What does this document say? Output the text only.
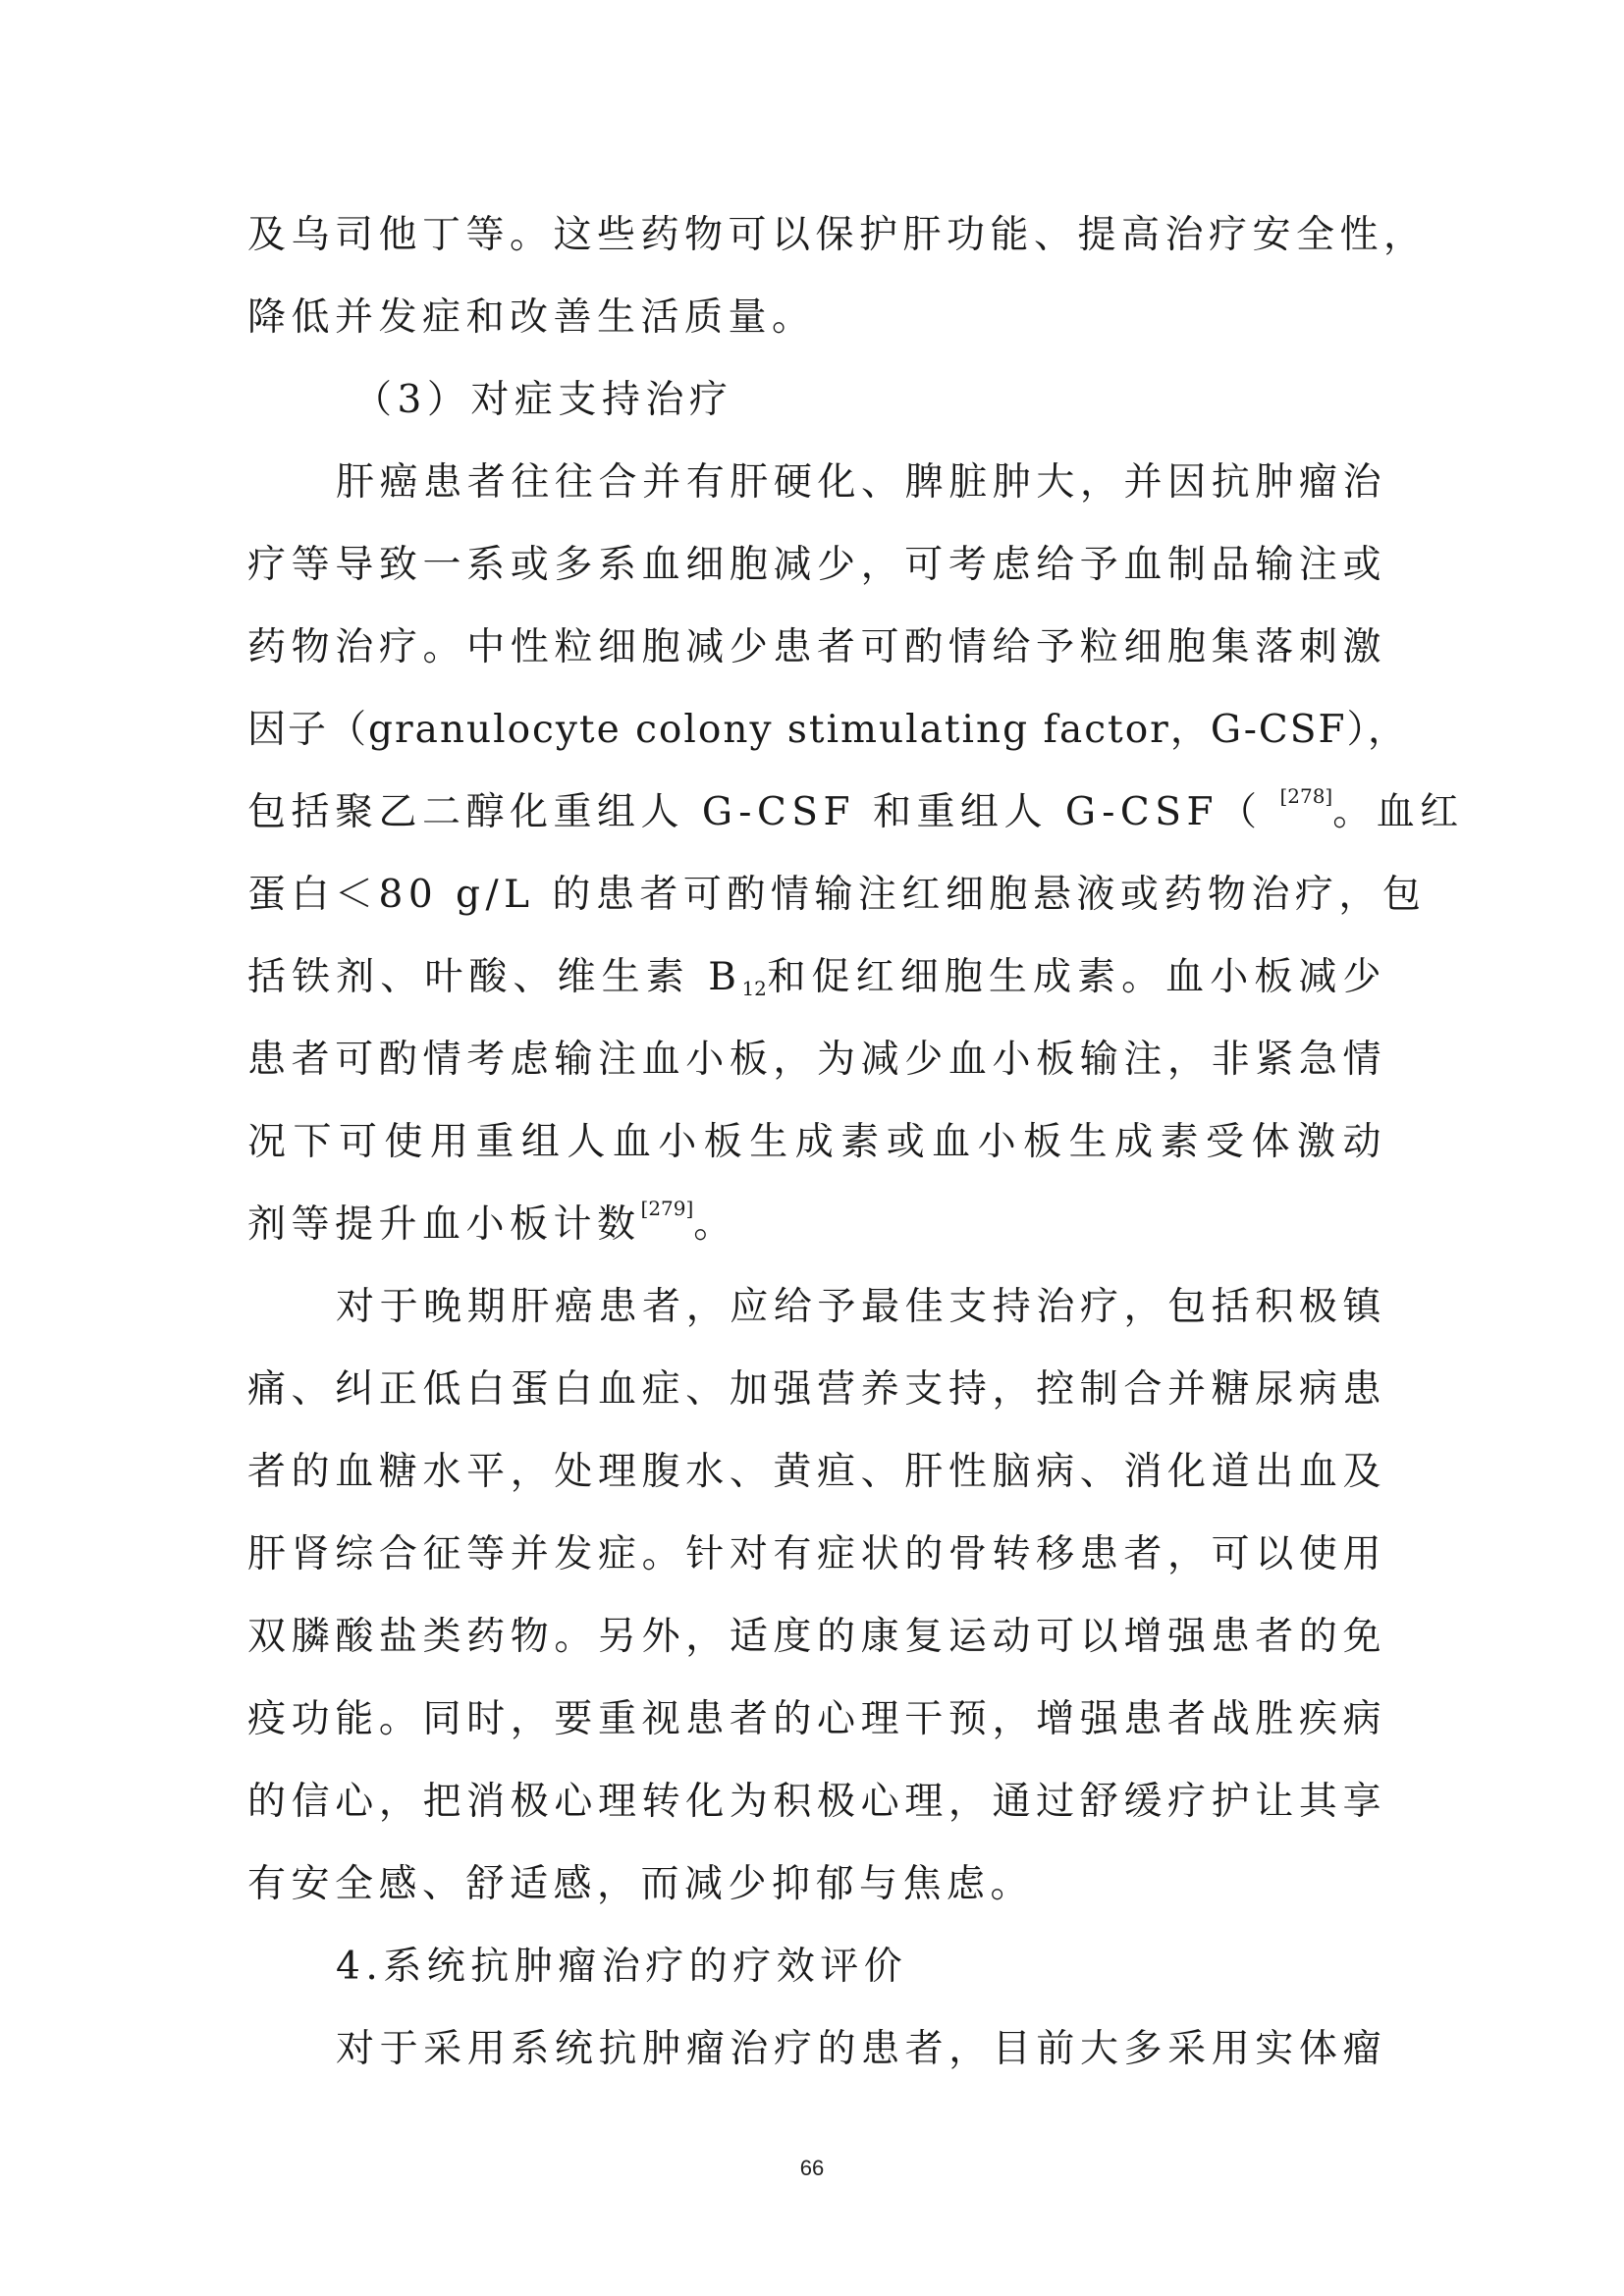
及乌司他丁等。这些药物可以保护肝功能、提高治疗安全性，
降低并发症和改善生活质量。
（3）对症支持治疗
肝癌患者往往合并有肝硬化、脾脏肿大，并因抗肿瘤治
疗等导致一系或多系血细胞减少，可考虑给予血制品输注或
药物治疗。中性粒细胞减少患者可酌情给予粒细胞集落刺激
因子（granulocyte colony stimulating factor，G-CSF），
包括聚乙二醇化重组人 G-CSF 和重组人 G-CSF（ [278]。血红
蛋白＜80 g/L 的患者可酌情输注红细胞悬液或药物治疗，包
括铁剂、叶酸、维生素 $B_{12}$和促红细胞生成素。血小板减少
患者可酌情考虑输注血小板，为减少血小板输注，非紧急情
况下可使用重组人血小板生成素或血小板生成素受体激动
剂等提升血小板计数[279]。
对于晚期肝癌患者，应给予最佳支持治疗，包括积极镇
痛、纠正低白蛋白血症、加强营养支持，控制合并糖尿病患
者的血糖水平，处理腹水、黄疸、肝性脑病、消化道出血及
肝肾综合征等并发症。针对有症状的骨转移患者，可以使用
双膦酸盐类药物。另外，适度的康复运动可以增强患者的免
疫功能。同时，要重视患者的心理干预，增强患者战胜疾病
的信心，把消极心理转化为积极心理，通过舒缓疗护让其享
有安全感、舒适感，而减少抑郁与焦虑。
4.系统抗肿瘤治疗的疗效评价
对于采用系统抗肿瘤治疗的患者，目前大多采用实体瘤
66
